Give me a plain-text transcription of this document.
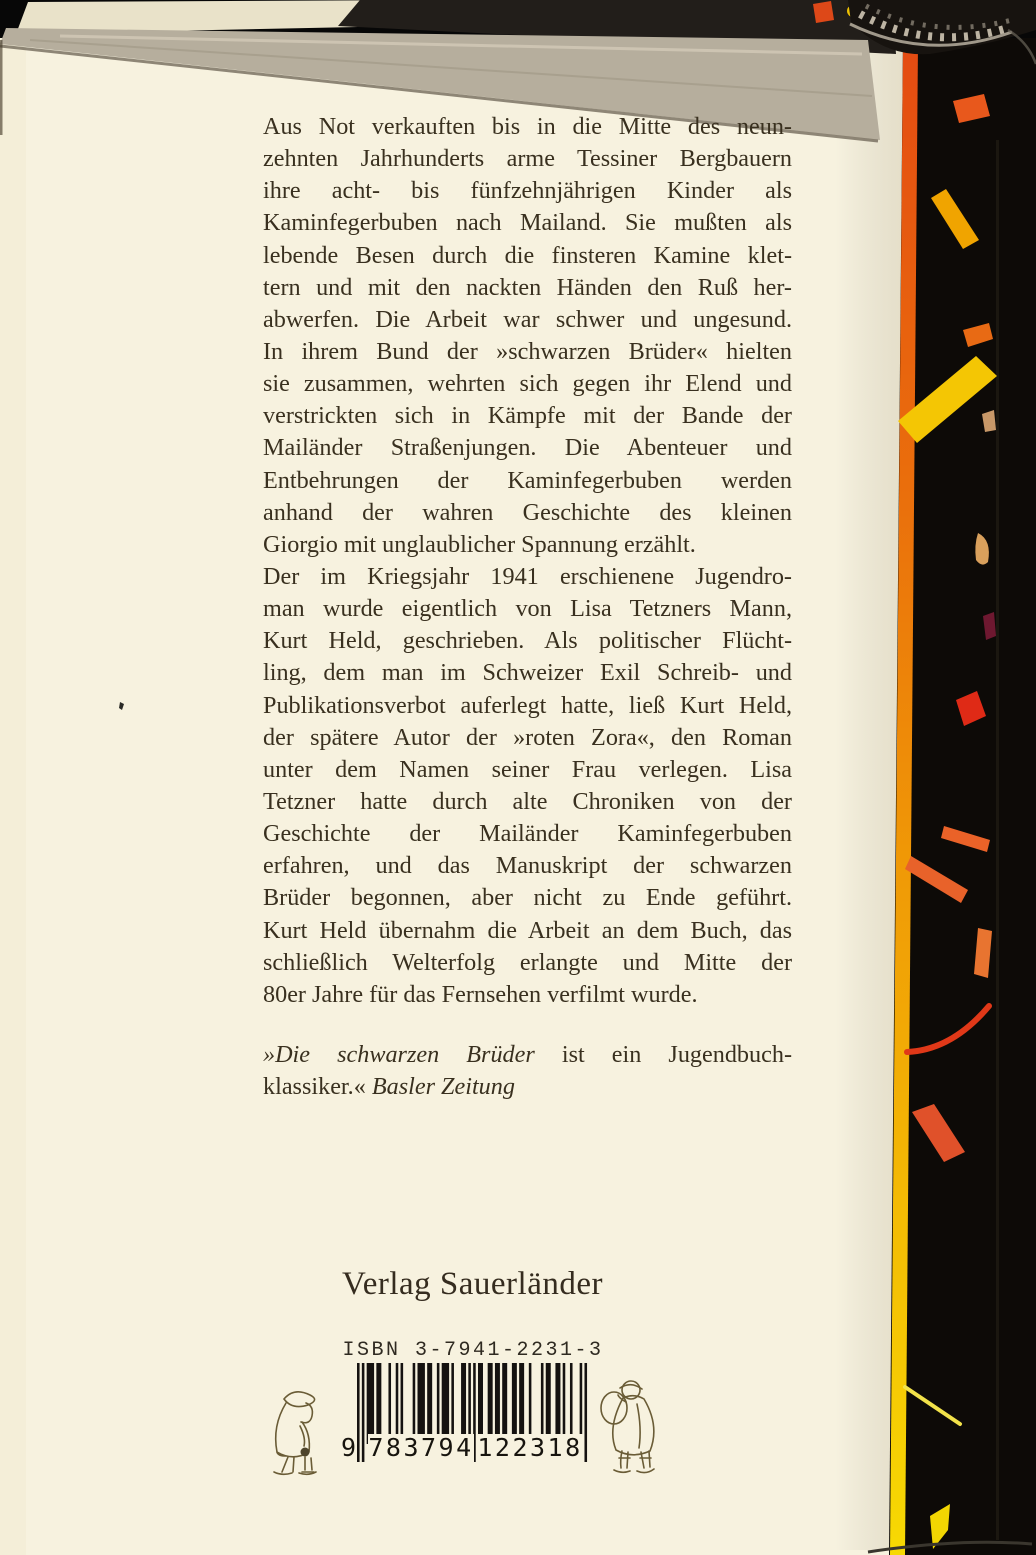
Aus Not verkauften bis in die Mitte des neun-
zehnten Jahrhunderts arme Tessiner Bergbauern
ihre acht- bis fünfzehnjährigen Kinder als
Kaminfegerbuben nach Mailand. Sie mußten als
lebende Besen durch die finsteren Kamine klet-
tern und mit den nackten Händen den Ruß her-
abwerfen. Die Arbeit war schwer und ungesund.
In ihrem Bund der »schwarzen Brüder« hielten
sie zusammen, wehrten sich gegen ihr Elend und
verstrickten sich in Kämpfe mit der Bande der
Mailänder Straßenjungen. Die Abenteuer und
Entbehrungen der Kaminfegerbuben werden
anhand der wahren Geschichte des kleinen
Giorgio mit unglaublicher Spannung erzählt.
Der im Kriegsjahr 1941 erschienene Jugendro-
man wurde eigentlich von Lisa Tetzners Mann,
Kurt Held, geschrieben. Als politischer Flücht-
ling, dem man im Schweizer Exil Schreib- und
Publikationsverbot auferlegt hatte, ließ Kurt Held,
der spätere Autor der »roten Zora«, den Roman
unter dem Namen seiner Frau verlegen. Lisa
Tetzner hatte durch alte Chroniken von der
Geschichte der Mailänder Kaminfegerbuben
erfahren, und das Manuskript der schwarzen
Brüder begonnen, aber nicht zu Ende geführt.
Kurt Held übernahm die Arbeit an dem Buch, das
schließlich Welterfolg erlangte und Mitte der
80er Jahre für das Fernsehen verfilmt wurde.
»Die schwarzen Brüder ist ein Jugendbuch-
klassiker.« Basler Zeitung
Verlag Sauerländer
ISBN 3-7941-2231-3
9 783794 122318
